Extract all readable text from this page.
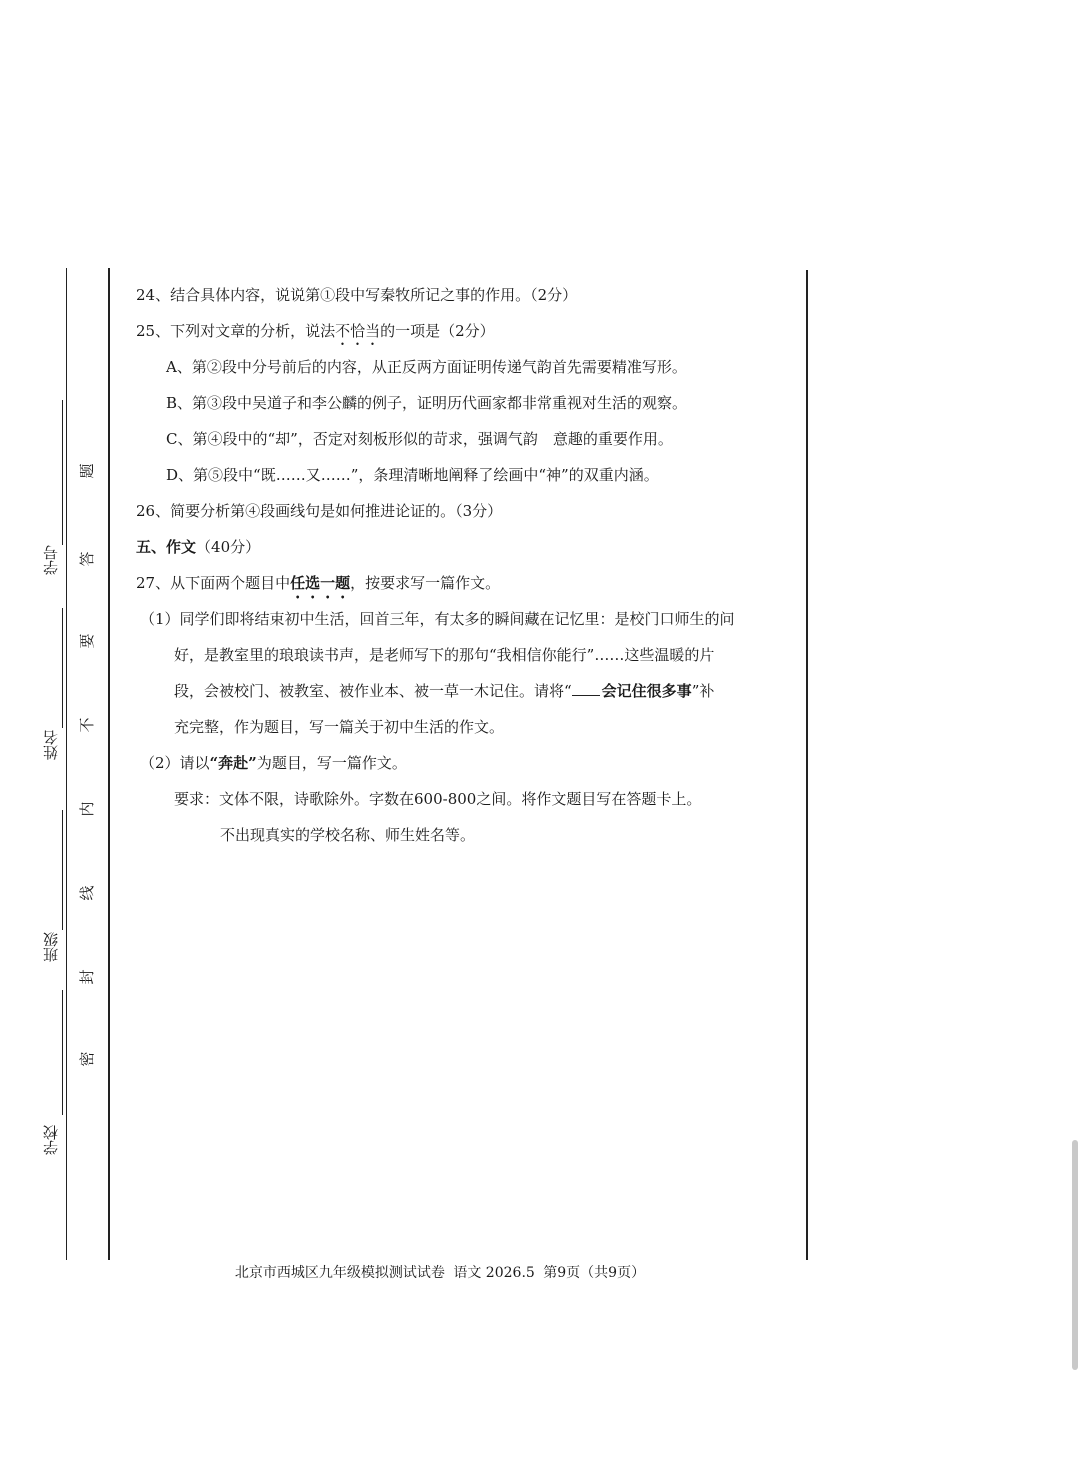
学号
姓名
班级
学校
题
答
要
不
内
线
封
密
24、结合具体内容，说说第①段中写秦牧所记之事的作用。（2分）
25、下列对文章的分析，说法不恰当的一项是（2分）
A、第②段中分号前后的内容，从正反两方面证明传递气韵首先需要精准写形。
B、第③段中吴道子和李公麟的例子，证明历代画家都非常重视对生活的观察。
C、第④段中的“却”，否定对刻板形似的苛求，强调气韵　意趣的重要作用。
D、第⑤段中“既……又……”，条理清晰地阐释了绘画中“神”的双重内涵。
26、简要分析第④段画线句是如何推进论证的。（3分）
五、作文（40分）
27、从下面两个题目中任选一题，按要求写一篇作文。
（1）同学们即将结束初中生活，回首三年，有太多的瞬间藏在记忆里：是校门口师生的问
好，是教室里的琅琅读书声，是老师写下的那句“我相信你能行”……这些温暖的片
段，会被校门、被教室、被作业本、被一草一木记住。请将“ 会记住很多事”补
充完整，作为题目，写一篇关于初中生活的作文。
（2）请以“奔赴”为题目，写一篇作文。
要求：文体不限，诗歌除外。字数在600-800之间。将作文题目写在答题卡上。
不出现真实的学校名称、师生姓名等。
北京市西城区九年级模拟测试试卷 语文 2026.5 第9页（共9页）
